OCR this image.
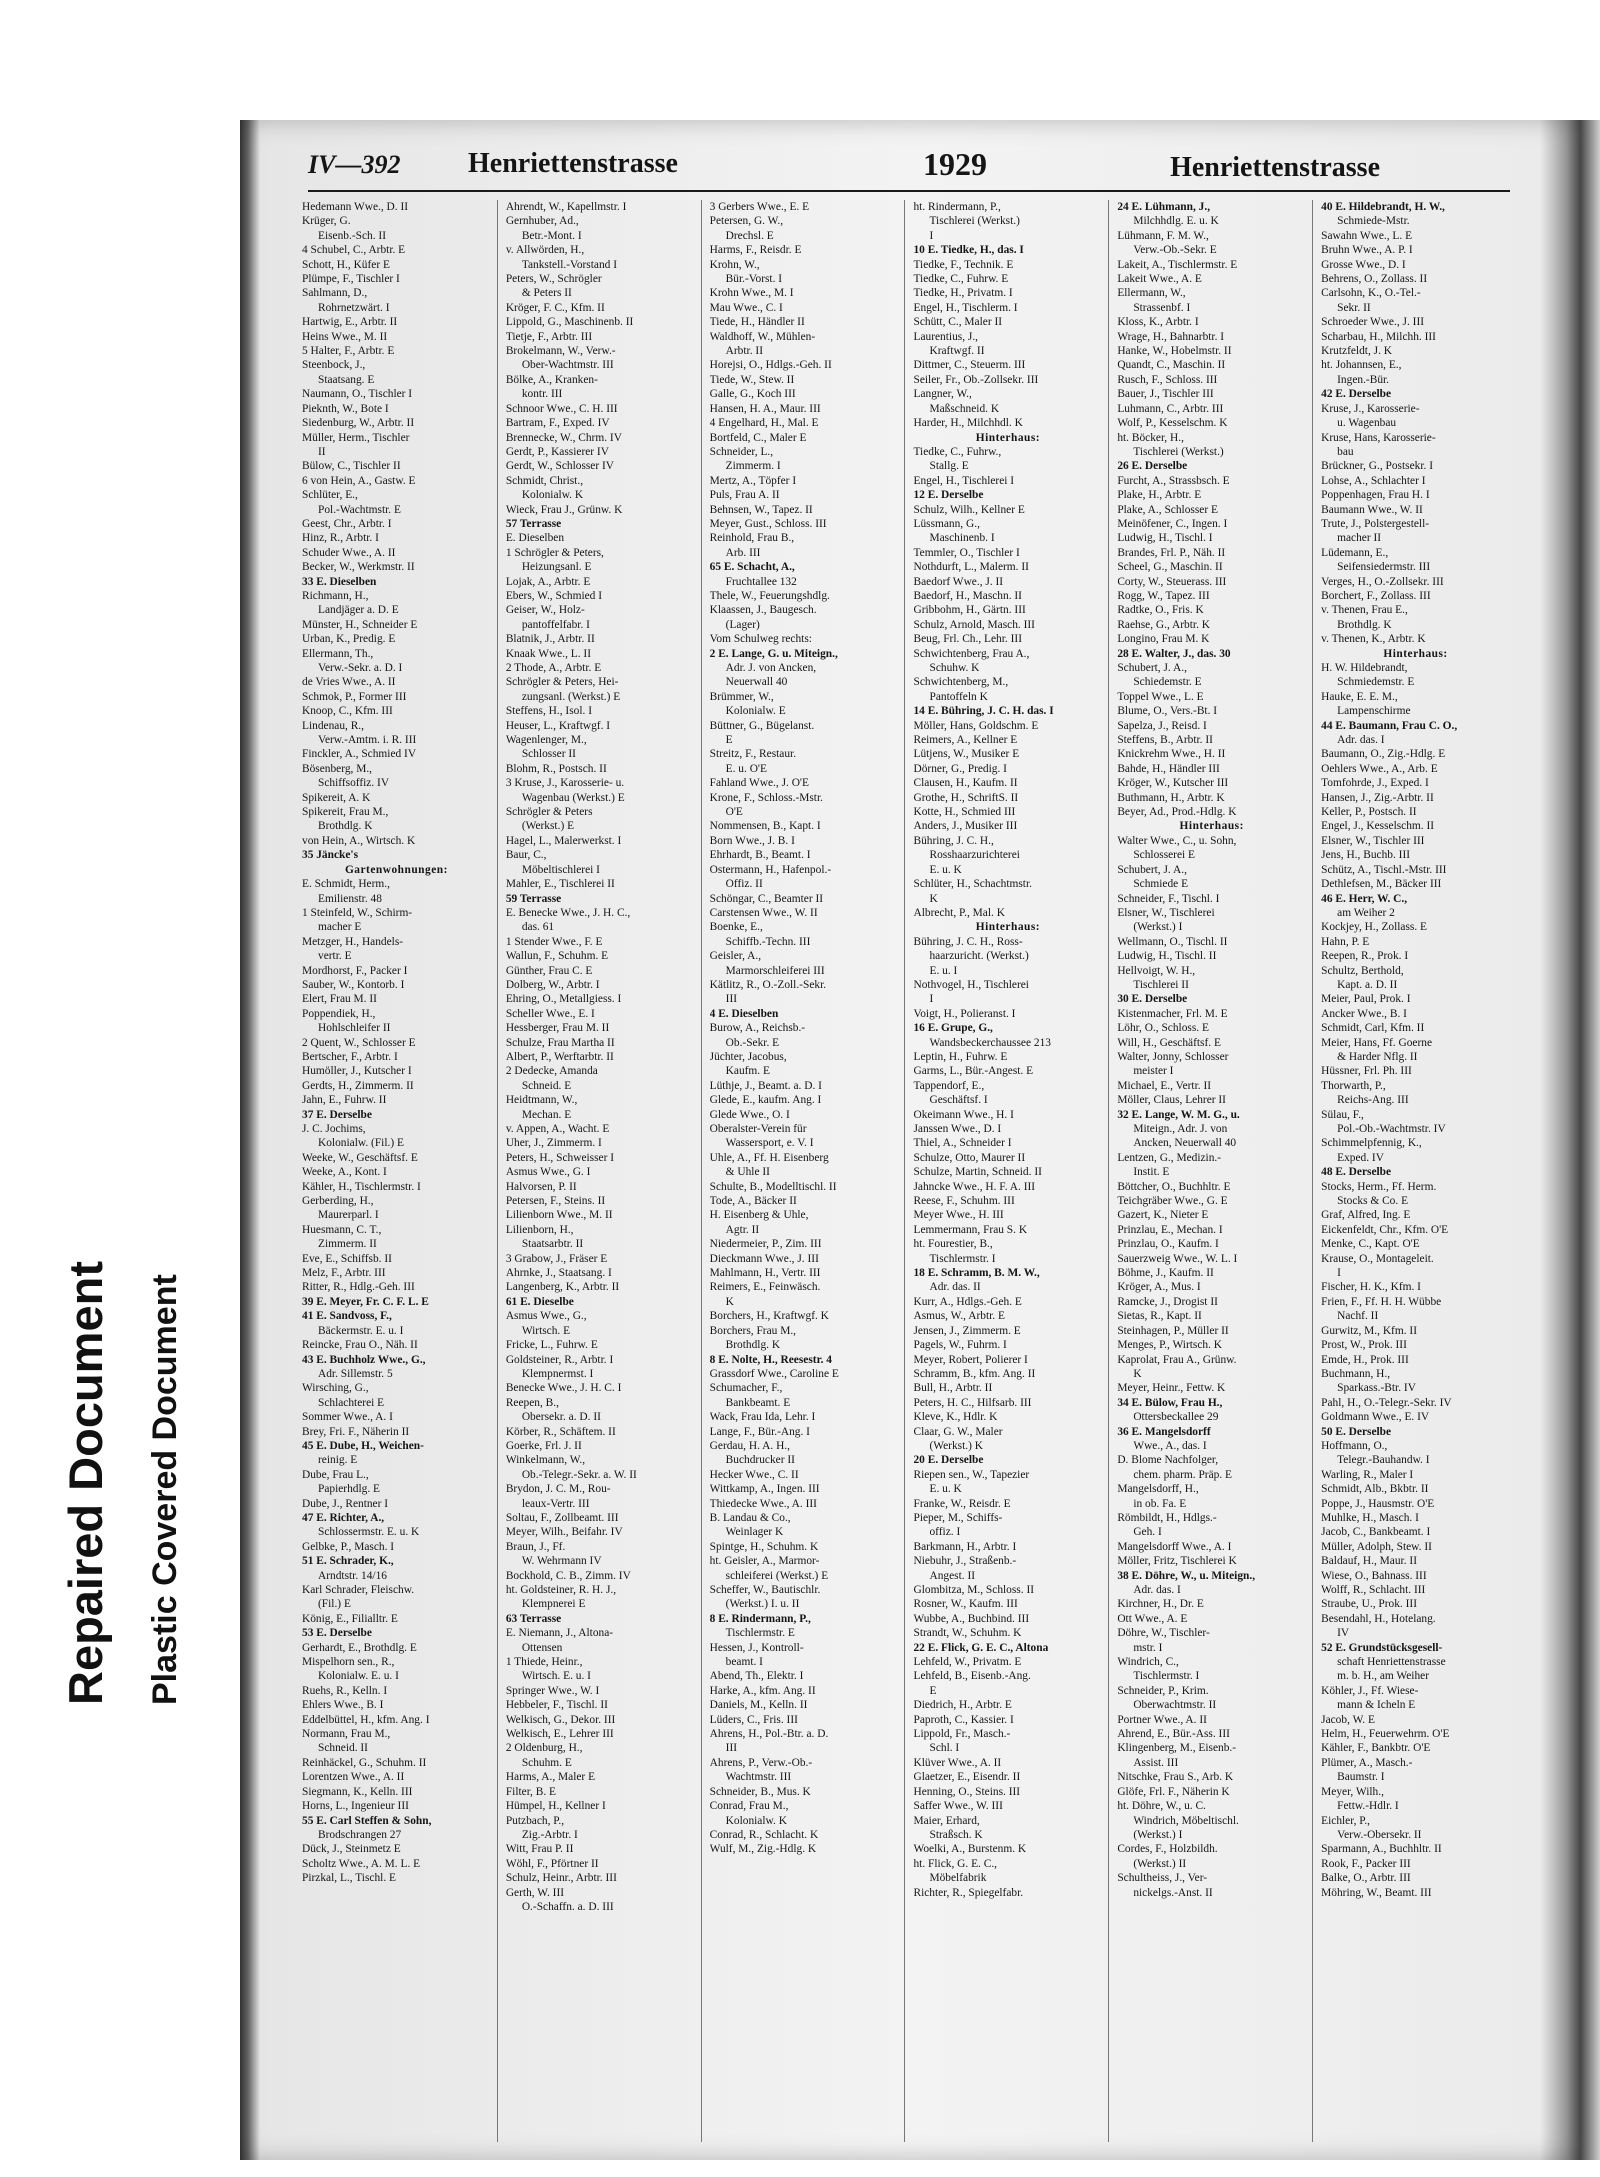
Repaired Document Plastic Covered Document
IV—392 Henriettenstrasse	1929	Henriettenstrasse
Hedemann Wwe., D. II
Krüger, G.
Eisenb.-Sch. II
4 Schubel, C., Arbtr. E
Schott, H., Küfer E
Plümpe, F., Tischler I
Sahlmann, D.,
Rohrnetzwärt. I
Hartwig, E., Arbtr. II
Heins Wwe., M. II
5 Halter, F., Arbtr. E
Steenbock, J.,
Staatsang. E
Naumann, O., Tischler I
Pieknth, W., Bote I
Siedenburg, W., Arbtr. II
Müller, Herm., Tischler
II
Bülow, C., Tischler II
6 von Hein, A., Gastw. E
Schlüter, E.,
Pol.-Wachtmstr. E
Geest, Chr., Arbtr. I
Hinz, R., Arbtr. I
Schuder Wwe., A. II
Becker, W., Werkmstr. II
33 E. Dieselben
Richmann, H.,
Landjäger a. D. E
Münster, H., Schneider E
Urban, K., Predig. E
Ellermann, Th.,
Verw.-Sekr. a. D. I
de Vries Wwe., A. II
Schmok, P., Former III
Knoop, C., Kfm. III
Lindenau, R.,
Verw.-Amtm. i. R. III
Finckler, A., Schmied IV
Bösenberg, M.,
Schiffsoffiz. IV
Spikereit, A. K
Spikereit, Frau M.,
Brothdlg. K
von Hein, A., Wirtsch. K
35 Jäncke's
Gartenwohnungen:
E. Schmidt, Herm.,
Emilienstr. 48
1 Steinfeld, W., Schirm-
macher E
Metzger, H., Handels-
vertr. E
Mordhorst, F., Packer I
Sauber, W., Kontorb. I
Elert, Frau M. II
Poppendiek, H.,
Hohlschleifer II
2 Quent, W., Schlosser E
Bertscher, F., Arbtr. I
Humöller, J., Kutscher I
Gerdts, H., Zimmerm. II
Jahn, E., Fuhrw. II
37 E. Derselbe
J. C. Jochims,
Kolonialw. (Fil.) E
Weeke, W., Geschäftsf. E
Weeke, A., Kont. I
Kähler, H., Tischlermstr. I
Gerberding, H.,
Maurerparl. I
Huesmann, C. T.,
Zimmerm. II
Eve, E., Schiffsb. II
Melz, F., Arbtr. III
Ritter, R., Hdlg.-Geh. III
39 E. Meyer, Fr. C. F. L. E
41 E. Sandvoss, F.,
Bäckermstr. E. u. I
Reincke, Frau O., Näh. II
43 E. Buchholz Wwe., G.,
Adr. Sillemstr. 5
Wirsching, G.,
Schlachterei E
Sommer Wwe., A. I
Brey, Fri. F., Näherin II
45 E. Dube, H., Weichen-
reinig. E
Dube, Frau L.,
Papierhdlg. E
Dube, J., Rentner I
47 E. Richter, A.,
Schlossermstr. E. u. K
Gelbke, P., Masch. I
51 E. Schrader, K.,
Arndtstr. 14/16
Karl Schrader, Fleischw.
(Fil.) E
König, E., Filialltr. E
53 E. Derselbe
Gerhardt, E., Brothdlg. E
Mispelhorn sen., R.,
Kolonialw. E. u. I
Ruehs, R., Kelln. I
Ehlers Wwe., B. I
Eddelbüttel, H., kfm. Ang. I
Normann, Frau M.,
Schneid. II
Reinhäckel, G., Schuhm. II
Lorentzen Wwe., A. II
Siegmann, K., Kelln. III
Horns, L., Ingenieur III
55 E. Carl Steffen & Sohn,
Brodschrangen 27
Dück, J., Steinmetz E
Scholtz Wwe., A. M. L. E
Pirzkal, L., Tischl. E
Ahrendt, W., Kapellmstr. I
Gernhuber, Ad.,
Betr.-Mont. I
v. Allwörden, H.,
Tankstell.-Vorstand I
Peters, W., Schrögler
& Peters II
Kröger, F. C., Kfm. II
Lippold, G., Maschinenb. II
Tietje, F., Arbtr. III
Brokelmann, W., Verw.-
Ober-Wachtmstr. III
Bölke, A., Kranken-
kontr. III
Schnoor Wwe., C. H. III
Bartram, F., Exped. IV
Brennecke, W., Chrm. IV
Gerdt, P., Kassierer IV
Gerdt, W., Schlosser IV
Schmidt, Christ.,
Kolonialw. K
Wieck, Frau J., Grünw. K
57 Terrasse
E. Dieselben
1 Schrögler & Peters,
Heizungsanl. E
Lojak, A., Arbtr. E
Ebers, W., Schmied I
Geiser, W., Holz-
pantoffelfabr. I
Blatnik, J., Arbtr. II
Knaak Wwe., L. II
2 Thode, A., Arbtr. E
Schrögler & Peters, Hei-
zungsanl. (Werkst.) E
Steffens, H., Isol. I
Heuser, L., Kraftwgf. I
Wagenlenger, M.,
Schlosser II
Blohm, R., Postsch. II
3 Kruse, J., Karosserie- u.
Wagenbau (Werkst.) E
Schrögler & Peters
(Werkst.) E
Hagel, L., Malerwerkst. I
Baur, C.,
Möbeltischlerei I
Mahler, E., Tischlerei II
59 Terrasse
E. Benecke Wwe., J. H. C.,
das. 61
1 Stender Wwe., F. E
Wallun, F., Schuhm. E
Günther, Frau C. E
Dolberg, W., Arbtr. I
Ehring, O., Metallgiess. I
Scheller Wwe., E. I
Hessberger, Frau M. II
Schulze, Frau Martha II
Albert, P., Werftarbtr. II
2 Dedecke, Amanda
Schneid. E
Heidtmann, W.,
Mechan. E
v. Appen, A., Wacht. E
Uher, J., Zimmerm. I
Peters, H., Schweisser I
Asmus Wwe., G. I
Halvorsen, P. II
Petersen, F., Steins. II
Lilienborn Wwe., M. II
Lilienborn, H.,
Staatsarbtr. II
3 Grabow, J., Fräser E
Ahrnke, J., Staatsang. I
Langenberg, K., Arbtr. II
61 E. Dieselbe
Asmus Wwe., G.,
Wirtsch. E
Fricke, L., Fuhrw. E
Goldsteiner, R., Arbtr. I
Klempnermst. I
Benecke Wwe., J. H. C. I
Reepen, B.,
Obersekr. a. D. II
Körber, R., Schäftem. II
Goerke, Frl. J. II
Winkelmann, W.,
Ob.-Telegr.-Sekr. a. W. II
Brydon, J. C. M., Rou-
leaux-Vertr. III
Soltau, F., Zollbeamt. III
Meyer, Wilh., Beifahr. IV
Braun, J., Ff.
W. Wehrmann IV
Bockhold, C. B., Zimm. IV
ht. Goldsteiner, R. H. J.,
Klempnerei E
63 Terrasse
E. Niemann, J., Altona-
Ottensen
1 Thiede, Heinr.,
Wirtsch. E. u. I
Springer Wwe., W. I
Hebbeler, F., Tischl. II
Welkisch, G., Dekor. III
Welkisch, E., Lehrer III
2 Oldenburg, H.,
Schuhm. E
Harms, A., Maler E
Filter, B. E
Hümpel, H., Kellner I
Putzbach, P.,
Zig.-Arbtr. I
Witt, Frau P. II
Wöhl, F., Pförtner II
Schulz, Heinr., Arbtr. III
Gerth, W. III
O.-Schaffn. a. D. III
3 Gerbers Wwe., E. E
Petersen, G. W.,
Drechsl. E
Harms, F., Reisdr. E
Krohn, W.,
Bür.-Vorst. I
Krohn Wwe., M. I
Mau Wwe., C. I
Tiede, H., Händler II
Waldhoff, W., Mühlen-
Arbtr. II
Horejsi, O., Hdlgs.-Geh. II
Tiede, W., Stew. II
Galle, G., Koch III
Hansen, H. A., Maur. III
4 Engelhard, H., Mal. E
Bortfeld, C., Maler E
Schneider, L.,
Zimmerm. I
Mertz, A., Töpfer I
Puls, Frau A. II
Behnsen, W., Tapez. II
Meyer, Gust., Schloss. III
Reinhold, Frau B.,
Arb. III
65 E. Schacht, A.,
Fruchtallee 132
Thele, W., Feuerungshdlg.
Klaassen, J., Baugesch.
(Lager)
Vom Schulweg rechts:
2 E. Lange, G. u. Miteign.,
Adr. J. von Ancken,
Neuerwall 40
Brümmer, W.,
Kolonialw. E
Büttner, G., Bügelanst.
E
Streitz, F., Restaur.
E. u. O'E
Fahland Wwe., J. O'E
Krone, F., Schloss.-Mstr.
O'E
Nommensen, B., Kapt. I
Born Wwe., J. B. I
Ehrhardt, B., Beamt. I
Ostermann, H., Hafenpol.-
Offiz. II
Schöngar, C., Beamter II
Carstensen Wwe., W. II
Boenke, E.,
Schiffb.-Techn. III
Geisler, A.,
Marmorschleiferei III
Kätlitz, R., O.-Zoll.-Sekr.
III
4 E. Dieselben
Burow, A., Reichsb.-
Ob.-Sekr. E
Jüchter, Jacobus,
Kaufm. E
Lüthje, J., Beamt. a. D. I
Glede, E., kaufm. Ang. I
Glede Wwe., O. I
Oberalster-Verein für
Wassersport, e. V. I
Uhle, A., Ff. H. Eisenberg
& Uhle II
Schulte, B., Modelltischl. II
Tode, A., Bäcker II
H. Eisenberg & Uhle,
Agtr. II
Niedermeier, P., Zim. III
Dieckmann Wwe., J. III
Mahlmann, H., Vertr. III
Reimers, E., Feinwäsch.
K
Borchers, H., Kraftwgf. K
Borchers, Frau M.,
Brothdlg. K
8 E. Nolte, H., Reesestr. 4
Grassdorf Wwe., Caroline E
Schumacher, F.,
Bankbeamt. E
Wack, Frau Ida, Lehr. I
Lange, F., Bür.-Ang. I
Gerdau, H. A. H.,
Buchdrucker II
Hecker Wwe., C. II
Wittkamp, A., Ingen. III
Thiedecke Wwe., A. III
B. Landau & Co.,
Weinlager K
Spintge, H., Schuhm. K
ht. Geisler, A., Marmor-
schleiferei (Werkst.) E
Scheffer, W., Bautischlr.
(Werkst.) I. u. II
8 E. Rindermann, P.,
Tischlermstr. E
Hessen, J., Kontroll-
beamt. I
Abend, Th., Elektr. I
Harke, A., kfm. Ang. II
Daniels, M., Kelln. II
Lüders, C., Fris. III
Ahrens, H., Pol.-Btr. a. D.
III
Ahrens, P., Verw.-Ob.-
Wachtmstr. III
Schneider, B., Mus. K
Conrad, Frau M.,
Kolonialw. K
Conrad, R., Schlacht. K
Wulf, M., Zig.-Hdlg. K
ht. Rindermann, P.,
Tischlerei (Werkst.)
I
10 E. Tiedke, H., das. I
Tiedke, F., Technik. E
Tiedke, C., Fuhrw. E
Tiedke, H., Privatm. I
Engel, H., Tischlerm. I
Schütt, C., Maler II
Laurentius, J.,
Kraftwgf. II
Dittmer, C., Steuerm. III
Seiler, Fr., Ob.-Zollsekr. III
Langner, W.,
Maßschneid. K
Harder, H., Milchhdl. K
Hinterhaus:
Tiedke, C., Fuhrw.,
Stallg. E
Engel, H., Tischlerei I
12 E. Derselbe
Schulz, Wilh., Kellner E
Lüssmann, G.,
Maschinenb. I
Temmler, O., Tischler I
Nothdurft, L., Malerm. II
Baedorf Wwe., J. II
Baedorf, H., Maschn. II
Gribbohm, H., Gärtn. III
Schulz, Arnold, Masch. III
Beug, Frl. Ch., Lehr. III
Schwichtenberg, Frau A.,
Schuhw. K
Schwichtenberg, M.,
Pantoffeln K
14 E. Bühring, J. C. H. das. I
Möller, Hans, Goldschm. E
Reimers, A., Kellner E
Lütjens, W., Musiker E
Dörner, G., Predig. I
Clausen, H., Kaufm. II
Grothe, H., SchriftS. II
Kotte, H., Schmied III
Anders, J., Musiker III
Bühring, J. C. H.,
Rosshaarzurichterei
E. u. K
Schlüter, H., Schachtmstr.
K
Albrecht, P., Mal. K
Hinterhaus:
Bühring, J. C. H., Ross-
haarzuricht. (Werkst.)
E. u. I
Nothvogel, H., Tischlerei
I
Voigt, H., Polieranst. I
16 E. Grupe, G.,
Wandsbeckerchaussee 213
Leptin, H., Fuhrw. E
Garms, L., Bür.-Angest. E
Tappendorf, E.,
Geschäftsf. I
Okeimann Wwe., H. I
Janssen Wwe., D. I
Thiel, A., Schneider I
Schulze, Otto, Maurer II
Schulze, Martin, Schneid. II
Jahncke Wwe., H. F. A. III
Reese, F., Schuhm. III
Meyer Wwe., H. III
Lemmermann, Frau S. K
ht. Fourestier, B.,
Tischlermstr. I
18 E. Schramm, B. M. W.,
Adr. das. II
Kurr, A., Hdlgs.-Geh. E
Asmus, W., Arbtr. E
Jensen, J., Zimmerm. E
Pagels, W., Fuhrm. I
Meyer, Robert, Polierer I
Schramm, B., kfm. Ang. II
Bull, H., Arbtr. II
Peters, H. C., Hilfsarb. III
Kleve, K., Hdlr. K
Claar, G. W., Maler
(Werkst.) K
20 E. Derselbe
Riepen sen., W., Tapezier
E. u. K
Franke, W., Reisdr. E
Pieper, M., Schiffs-
offiz. I
Barkmann, H., Arbtr. I
Niebuhr, J., Straßenb.-
Angest. II
Glombitza, M., Schloss. II
Rosner, W., Kaufm. III
Wubbe, A., Buchbind. III
Strandt, W., Schuhm. K
22 E. Flick, G. E. C., Altona
Lehfeld, W., Privatm. E
Lehfeld, B., Eisenb.-Ang.
E
Diedrich, H., Arbtr. E
Paproth, C., Kassier. I
Lippold, Fr., Masch.-
Schl. I
Klüver Wwe., A. II
Glaetzer, E., Eisendr. II
Henning, O., Steins. III
Saffer Wwe., W. III
Maier, Erhard,
Straßsch. K
Woelki, A., Burstenm. K
ht. Flick, G. E. C.,
Möbelfabrik
Richter, R., Spiegelfabr.
24 E. Lühmann, J.,
Milchhdlg. E. u. K
Lühmann, F. M. W.,
Verw.-Ob.-Sekr. E
Lakeit, A., Tischlermstr. E
Lakeit Wwe., A. E
Ellermann, W.,
Strassenbf. I
Kloss, K., Arbtr. I
Wrage, H., Bahnarbtr. I
Hanke, W., Hobelmstr. II
Quandt, C., Maschin. II
Rusch, F., Schloss. III
Bauer, J., Tischler III
Luhmann, C., Arbtr. III
Wolf, P., Kesselschm. K
ht. Böcker, H.,
Tischlerei (Werkst.)
26 E. Derselbe
Furcht, A., Strassbsch. E
Plake, H., Arbtr. E
Plake, A., Schlosser E
Meinöfener, C., Ingen. I
Ludwig, H., Tischl. I
Brandes, Frl. P., Näh. II
Scheel, G., Maschin. II
Corty, W., Steuerass. III
Rogg, W., Tapez. III
Radtke, O., Fris. K
Raehse, G., Arbtr. K
Longino, Frau M. K
28 E. Walter, J., das. 30
Schubert, J. A.,
Schiedemstr. E
Toppel Wwe., L. E
Blume, O., Vers.-Bt. I
Sapelza, J., Reisd. I
Steffens, B., Arbtr. II
Knickrehm Wwe., H. II
Bahde, H., Händler III
Kröger, W., Kutscher III
Buthmann, H., Arbtr. K
Beyer, Ad., Prod.-Hdlg. K
Hinterhaus:
Walter Wwe., C., u. Sohn,
Schlosserei E
Schubert, J. A.,
Schmiede E
Schneider, F., Tischl. I
Elsner, W., Tischlerei
(Werkst.) I
Wellmann, O., Tischl. II
Ludwig, H., Tischl. II
Hellvoigt, W. H.,
Tischlerei II
30 E. Derselbe
Kistenmacher, Frl. M. E
Löhr, O., Schloss. E
Will, H., Geschäftsf. E
Walter, Jonny, Schlosser
meister I
Michael, E., Vertr. II
Möller, Claus, Lehrer II
32 E. Lange, W. M. G., u.
Miteign., Adr. J. von
Ancken, Neuerwall 40
Lentzen, G., Medizin.-
Instit. E
Böttcher, O., Buchhltr. E
Teichgräber Wwe., G. E
Gazert, K., Nieter E
Prinzlau, E., Mechan. I
Prinzlau, O., Kaufm. I
Sauerzweig Wwe., W. L. I
Böhme, J., Kaufm. II
Kröger, A., Mus. I
Ramcke, J., Drogist II
Sietas, R., Kapt. II
Steinhagen, P., Müller II
Menges, P., Wirtsch. K
Kaprolat, Frau A., Grünw.
K
Meyer, Heinr., Fettw. K
34 E. Bülow, Frau H.,
Ottersbeckallee 29
36 E. Mangelsdorff
Wwe., A., das. I
D. Blome Nachfolger,
chem. pharm. Präp. E
Mangelsdorff, H.,
in ob. Fa. E
Römbildt, H., Hdlgs.-
Geh. I
Mangelsdorff Wwe., A. I
Möller, Fritz, Tischlerei K
38 E. Döhre, W., u. Miteign.,
Adr. das. I
Kirchner, H., Dr. E
Ott Wwe., A. E
Döhre, W., Tischler-
mstr. I
Windrich, C.,
Tischlermstr. I
Schneider, P., Krim.
Oberwachtmstr. II
Portner Wwe., A. II
Ahrend, E., Bür.-Ass. III
Klingenberg, M., Eisenb.-
Assist. III
Nitschke, Frau S., Arb. K
Glöfe, Frl. F., Näherin K
ht. Döhre, W., u. C.
Windrich, Möbeltischl.
(Werkst.) I
Cordes, F., Holzbildh.
(Werkst.) II
Schultheiss, J., Ver-
nickelgs.-Anst. II
40 E. Hildebrandt, H. W.,
Schmiede-Mstr.
Sawahn Wwe., L. E
Bruhn Wwe., A. P. I
Grosse Wwe., D. I
Behrens, O., Zollass. II
Carlsohn, K., O.-Tel.-
Sekr. II
Schroeder Wwe., J. III
Scharbau, H., Milchh. III
Krutzfeldt, J. K
ht. Johannsen, E.,
Ingen.-Bür.
42 E. Derselbe
Kruse, J., Karosserie-
u. Wagenbau
Kruse, Hans, Karosserie-
bau
Brückner, G., Postsekr. I
Lohse, A., Schlachter I
Poppenhagen, Frau H. I
Baumann Wwe., W. II
Trute, J., Polstergestell-
macher II
Lüdemann, E.,
Seifensiedermstr. III
Verges, H., O.-Zollsekr. III
Borchert, F., Zollass. III
v. Thenen, Frau E.,
Brothdlg. K
v. Thenen, K., Arbtr. K
Hinterhaus:
H. W. Hildebrandt,
Schmiedemstr. E
Hauke, E. E. M.,
Lampenschirme
44 E. Baumann, Frau C. O.,
Adr. das. I
Baumann, O., Zig.-Hdlg. E
Oehlers Wwe., A., Arb. E
Tomfohrde, J., Exped. I
Hansen, J., Zig.-Arbtr. II
Keller, P., Postsch. II
Engel, J., Kesselschm. II
Elsner, W., Tischler III
Jens, H., Buchb. III
Schütz, A., Tischl.-Mstr. III
Dethlefsen, M., Bäcker III
46 E. Herr, W. C.,
am Weiher 2
Kockjey, H., Zollass. E
Hahn, P. E
Reepen, R., Prok. I
Schultz, Berthold,
Kapt. a. D. II
Meier, Paul, Prok. I
Ancker Wwe., B. I
Schmidt, Carl, Kfm. II
Meier, Hans, Ff. Goerne
& Harder Nflg. II
Hüssner, Frl. Ph. III
Thorwarth, P.,
Reichs-Ang. III
Sülau, F.,
Pol.-Ob.-Wachtmstr. IV
Schimmelpfennig, K.,
Exped. IV
48 E. Derselbe
Stocks, Herm., Ff. Herm.
Stocks & Co. E
Graf, Alfred, Ing. E
Eickenfeldt, Chr., Kfm. O'E
Menke, C., Kapt. O'E
Krause, O., Montageleit.
I
Fischer, H. K., Kfm. I
Frien, F., Ff. H. H. Wübbe
Nachf. II
Gurwitz, M., Kfm. II
Prost, W., Prok. III
Emde, H., Prok. III
Buchmann, H.,
Sparkass.-Btr. IV
Pahl, H., O.-Telegr.-Sekr. IV
Goldmann Wwe., E. IV
50 E. Derselbe
Hoffmann, O.,
Telegr.-Bauhandw. I
Warling, R., Maler I
Schmidt, Alb., Bkbtr. II
Poppe, J., Hausmstr. O'E
Muhlke, H., Masch. I
Jacob, C., Bankbeamt. I
Müller, Adolph, Stew. II
Baldauf, H., Maur. II
Wiese, O., Bahnass. III
Wolff, R., Schlacht. III
Straube, U., Prok. III
Besendahl, H., Hotelang.
IV
52 E. Grundstücksgesell-
schaft Henriettenstrasse
m. b. H., am Weiher
Köhler, J., Ff. Wiese-
mann & Icheln E
Jacob, W. E
Helm, H., Feuerwehrm. O'E
Kähler, F., Bankbtr. O'E
Plümer, A., Masch.-
Baumstr. I
Meyer, Wilh.,
Fettw.-Hdlr. I
Eichler, P.,
Verw.-Obersekr. II
Sparmann, A., Buchhltr. II
Rook, F., Packer III
Balke, O., Arbtr. III
Möhring, W., Beamt. III
